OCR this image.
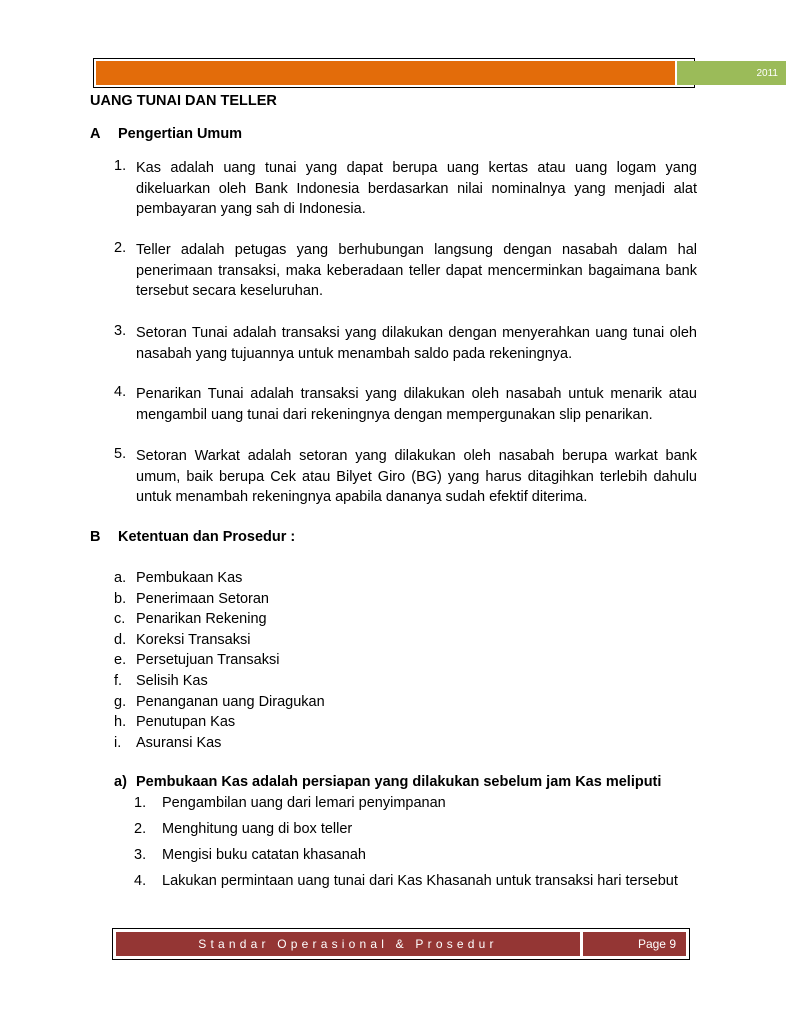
2011
UANG TUNAI DAN TELLER
A Pengertian Umum
1. Kas adalah uang tunai yang dapat berupa uang kertas atau uang logam yang dikeluarkan oleh Bank Indonesia berdasarkan nilai nominalnya yang menjadi alat pembayaran yang sah di Indonesia.
2. Teller adalah petugas yang berhubungan langsung dengan nasabah dalam hal penerimaan transaksi, maka keberadaan teller dapat mencerminkan bagaimana bank tersebut secara keseluruhan.
3. Setoran Tunai adalah transaksi yang dilakukan dengan menyerahkan uang tunai oleh nasabah yang tujuannya untuk menambah saldo pada rekeningnya.
4. Penarikan Tunai adalah transaksi yang dilakukan oleh nasabah untuk menarik atau mengambil uang tunai dari rekeningnya dengan mempergunakan slip penarikan.
5. Setoran Warkat adalah setoran yang dilakukan oleh nasabah berupa warkat bank umum, baik berupa Cek atau Bilyet Giro (BG) yang harus ditagihkan terlebih dahulu untuk menambah rekeningnya apabila dananya sudah efektif diterima.
B Ketentuan dan Prosedur :
a. Pembukaan Kas
b. Penerimaan Setoran
c. Penarikan Rekening
d. Koreksi Transaksi
e. Persetujuan Transaksi
f. Selisih Kas
g. Penanganan uang Diragukan
h. Penutupan Kas
i. Asuransi Kas
a) Pembukaan Kas adalah persiapan yang dilakukan sebelum jam Kas meliputi
1. Pengambilan uang dari lemari penyimpanan
2. Menghitung uang di box teller
3. Mengisi buku catatan khasanah
4. Lakukan permintaan uang tunai dari Kas Khasanah untuk transaksi hari tersebut
Standar Operasional & Prosedur	Page 9
